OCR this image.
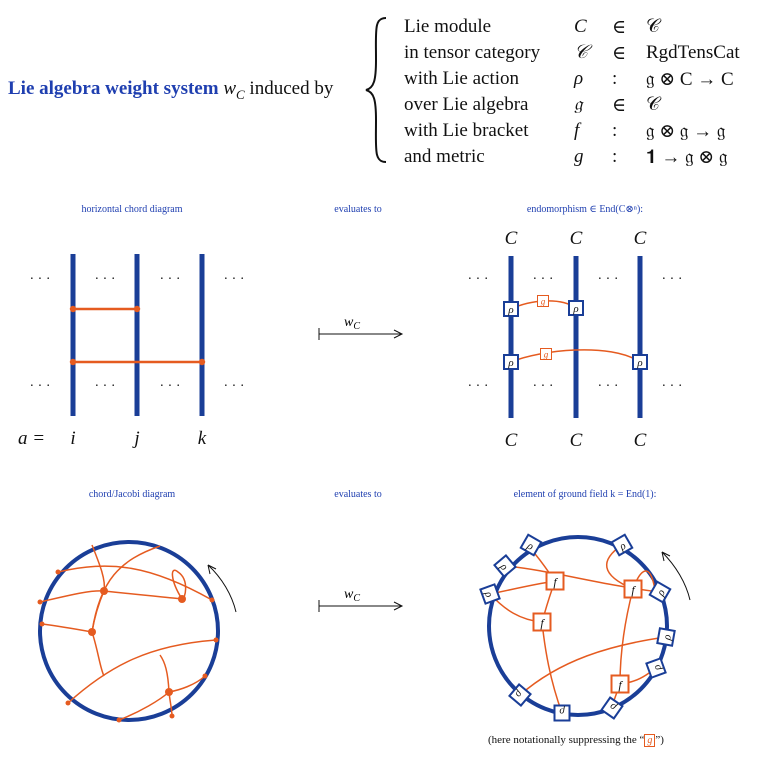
Lie algebra weight system $w_C$ induced by
Lie module	C	∈	𝒞
in tensor category	𝒞	∈	RgdTensCat
with Lie action	ρ	:	𝔤 ⊗ C → C
over Lie algebra	𝔤	∈	𝒞
with Lie bracket	f	:	𝔤 ⊗ 𝔤 → 𝔤
and metric	g	:	𝟏 → 𝔤 ⊗ 𝔤
horizontal chord diagram	evaluates to	endomorphism ∈ End(C⊗ⁿ):
chord/Jacobi diagram	evaluates to	element of ground field k = End(1):
(here notationally suppressing the “ g ”)
· · ·	· · ·	· · ·	· · ·
· · ·	· · ·	· · ·	· · ·
a = i	j	k
$w_C$
$w_C$
C
C
C
C
C
C
ρ	ρ
ρ	ρ
g
g
· · ·	· · ·	· · ·	· · ·
· · ·	· · ·	· · ·	· · ·
ρ
ρ
ρ
ρ
ρ
ρ
ρ
ρ
ρ
ρ
f
f
f
f
